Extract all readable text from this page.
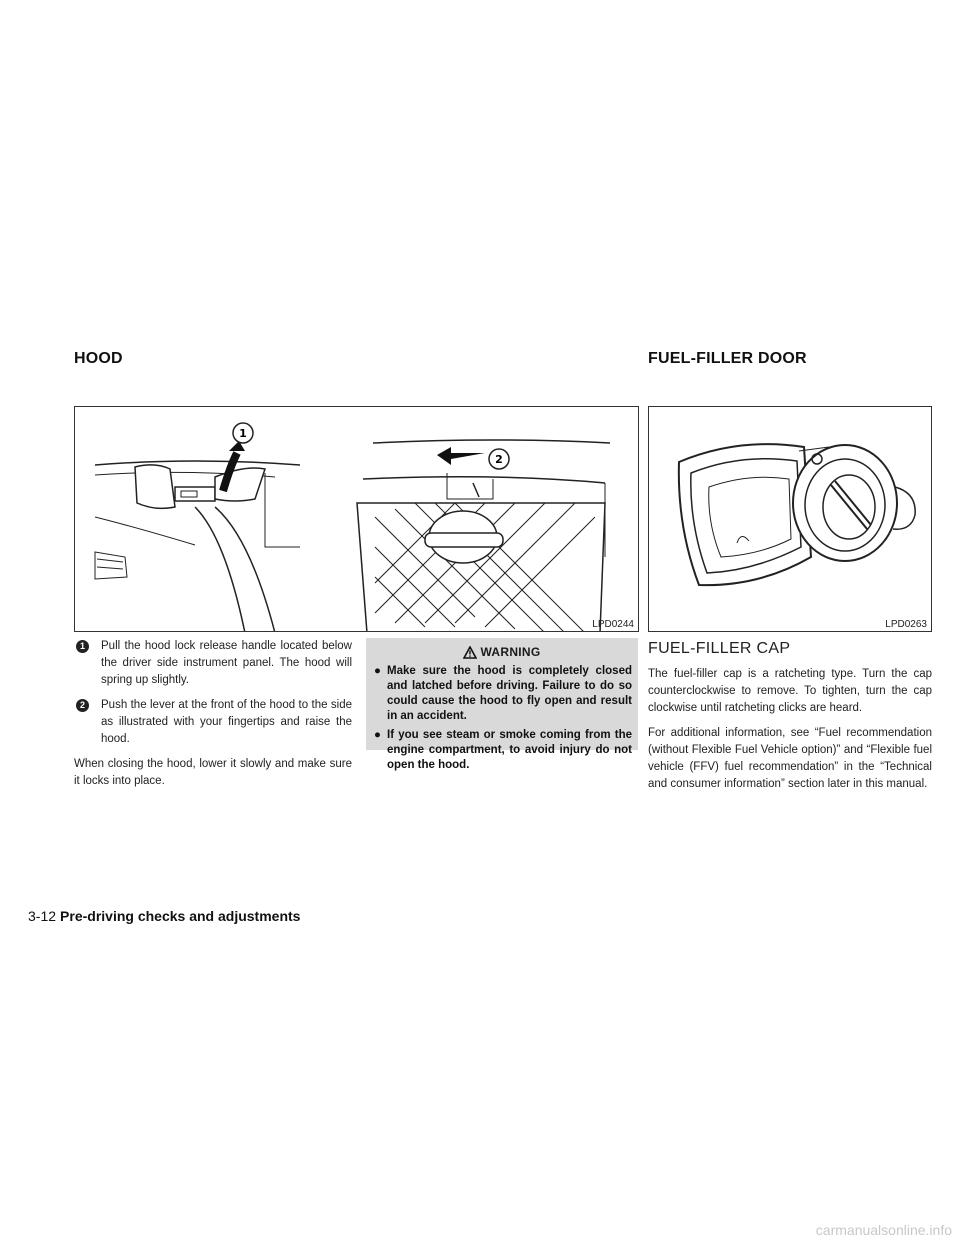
HOOD	FUEL-FILLER DOOR
1
2
LPD0244	LPD0263
1	Pull the hood lock release handle located below the driver side instrument panel. The hood will spring up slightly.
2	Push the lever at the front of the hood to the side as illustrated with your fingertips and raise the hood.

When closing the hood, lower it slowly and make sure it locks into place.

WARNING
● Make sure the hood is completely closed and latched before driving. Failure to do so could cause the hood to fly open and result in an accident.
● If you see steam or smoke coming from the engine compartment, to avoid injury do not open the hood.
FUEL-FILLER CAP

The fuel-filler cap is a ratcheting type. Turn the cap counterclockwise to remove. To tighten, turn the cap clockwise until ratcheting clicks are heard.

For additional information, see “Fuel recommendation (without Flexible Fuel Vehicle option)” and “Flexible fuel vehicle (FFV) fuel recommendation” in the “Technical and consumer information” section later in this manual.

3-12 Pre-driving checks and adjustments
carmanualsonline.info
